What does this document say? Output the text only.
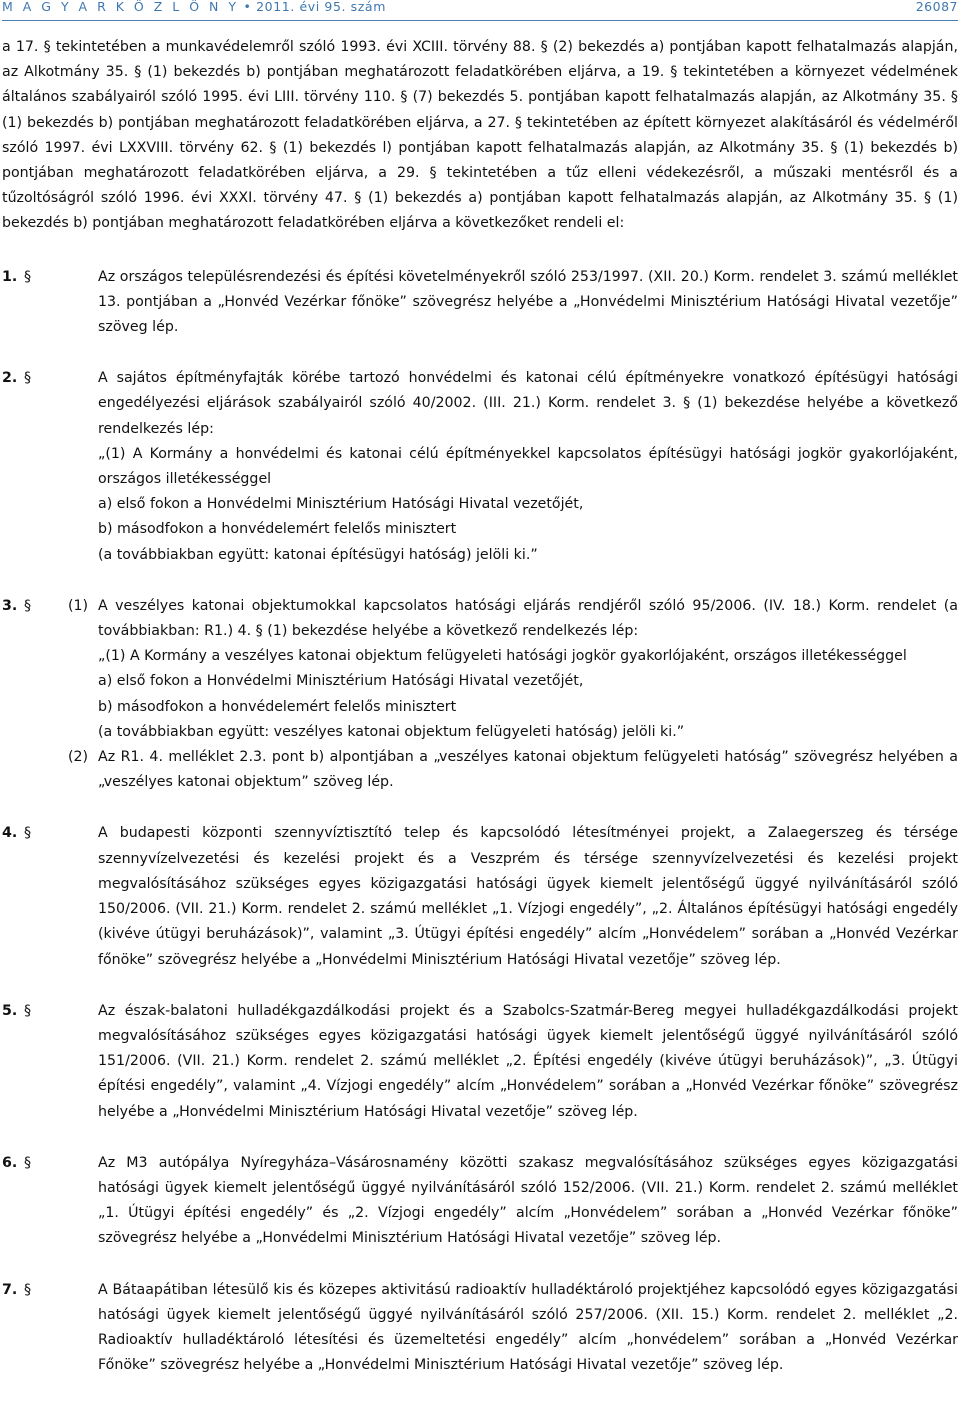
M A G Y A R K Ö Z L Ö N Y • 2011. évi 95. szám	26087

a 17. § tekintetében a munkavédelemről szóló 1993. évi XCIII. törvény 88. § (2) bekezdés a) pontjában kapott felhatalmazás alapján, az Alkotmány 35. § (1) bekezdés b) pontjában meghatározott feladatkörében eljárva, a 19. § tekintetében a környezet védelmének általános szabályairól szóló 1995. évi LIII. törvény 110. § (7) bekezdés 5. pontjában kapott felhatalmazás alapján, az Alkotmány 35. § (1) bekezdés b) pontjában meghatározott feladatkörében eljárva, a 27. § tekintetében az épített környezet alakításáról és védelméről szóló 1997. évi LXXVIII. törvény 62. § (1) bekezdés l) pontjában kapott felhatalmazás alapján, az Alkotmány 35. § (1) bekezdés b) pontjában meghatározott feladatkörében eljárva, a 29. § tekintetében a tűz elleni védekezésről, a műszaki mentésről és a tűzoltóságról szóló 1996. évi XXXI. törvény 47. § (1) bekezdés a) pontjában kapott felhatalmazás alapján, az Alkotmány 35. § (1) bekezdés b) pontjában meghatározott feladatkörében eljárva a következőket rendeli el:

1. §	Az országos településrendezési és építési követelményekről szóló 253/1997. (XII. 20.) Korm. rendelet 3. számú melléklet 13. pontjában a „Honvéd Vezérkar főnöke” szövegrész helyébe a „Honvédelmi Minisztérium Hatósági Hivatal vezetője” szöveg lép.

2. §	A sajátos építményfajták körébe tartozó honvédelmi és katonai célú építményekre vonatkozó építésügyi hatósági engedélyezési eljárások szabályairól szóló 40/2002. (III. 21.) Korm. rendelet 3. § (1) bekezdése helyébe a következő rendelkezés lép:

„(1) A Kormány a honvédelmi és katonai célú építményekkel kapcsolatos építésügyi hatósági jogkör gyakorlójaként, országos illetékességgel

a) első fokon a Honvédelmi Minisztérium Hatósági Hivatal vezetőjét,

b) másodfokon a honvédelemért felelős minisztert

(a továbbiakban együtt: katonai építésügyi hatóság) jelöli ki.”

3. §	(1) A veszélyes katonai objektumokkal kapcsolatos hatósági eljárás rendjéről szóló 95/2006. (IV. 18.) Korm. rendelet (a továbbiakban: R1.) 4. § (1) bekezdése helyébe a következő rendelkezés lép:

„(1) A Kormány a veszélyes katonai objektum felügyeleti hatósági jogkör gyakorlójaként, országos illetékességgel

a) első fokon a Honvédelmi Minisztérium Hatósági Hivatal vezetőjét,

b) másodfokon a honvédelemért felelős minisztert

(a továbbiakban együtt: veszélyes katonai objektum felügyeleti hatóság) jelöli ki.”

(2) Az R1. 4. melléklet 2.3. pont b) alpontjában a „veszélyes katonai objektum felügyeleti hatóság” szövegrész helyében a „veszélyes katonai objektum” szöveg lép.

4. §	A budapesti központi szennyvíztisztító telep és kapcsolódó létesítményei projekt, a Zalaegerszeg és térsége szennyvízelvezetési és kezelési projekt és a Veszprém és térsége szennyvízelvezetési és kezelési projekt megvalósításához szükséges egyes közigazgatási hatósági ügyek kiemelt jelentőségű üggyé nyilvánításáról szóló 150/2006. (VII. 21.) Korm. rendelet 2. számú melléklet „1. Vízjogi engedély”, „2. Általános építésügyi hatósági engedély (kivéve útügyi beruházások)”, valamint „3. Útügyi építési engedély” alcím „Honvédelem” sorában a „Honvéd Vezérkar főnöke” szövegrész helyébe a „Honvédelmi Minisztérium Hatósági Hivatal vezetője” szöveg lép.

5. §	Az észak-balatoni hulladékgazdálkodási projekt és a Szabolcs-Szatmár-Bereg megyei hulladékgazdálkodási projekt megvalósításához szükséges egyes közigazgatási hatósági ügyek kiemelt jelentőségű üggyé nyilvánításáról szóló 151/2006. (VII. 21.) Korm. rendelet 2. számú melléklet „2. Építési engedély (kivéve útügyi beruházások)”, „3. Útügyi építési engedély”, valamint „4. Vízjogi engedély” alcím „Honvédelem” sorában a „Honvéd Vezérkar főnöke” szövegrész helyébe a „Honvédelmi Minisztérium Hatósági Hivatal vezetője” szöveg lép.

6. §	Az M3 autópálya Nyíregyháza–Vásárosnamény közötti szakasz megvalósításához szükséges egyes közigazgatási hatósági ügyek kiemelt jelentőségű üggyé nyilvánításáról szóló 152/2006. (VII. 21.) Korm. rendelet 2. számú melléklet „1. Útügyi építési engedély” és „2. Vízjogi engedély” alcím „Honvédelem” sorában a „Honvéd Vezérkar főnöke” szövegrész helyébe a „Honvédelmi Minisztérium Hatósági Hivatal vezetője” szöveg lép.

7. §	A Bátaapátiban létesülő kis és közepes aktivitású radioaktív hulladéktároló projektjéhez kapcsolódó egyes közigazgatási hatósági ügyek kiemelt jelentőségű üggyé nyilvánításáról szóló 257/2006. (XII. 15.) Korm. rendelet 2. melléklet „2. Radioaktív hulladéktároló létesítési és üzemeltetési engedély” alcím „honvédelem” sorában a „Honvéd Vezérkar Főnöke” szövegrész helyébe a „Honvédelmi Minisztérium Hatósági Hivatal vezetője” szöveg lép.
